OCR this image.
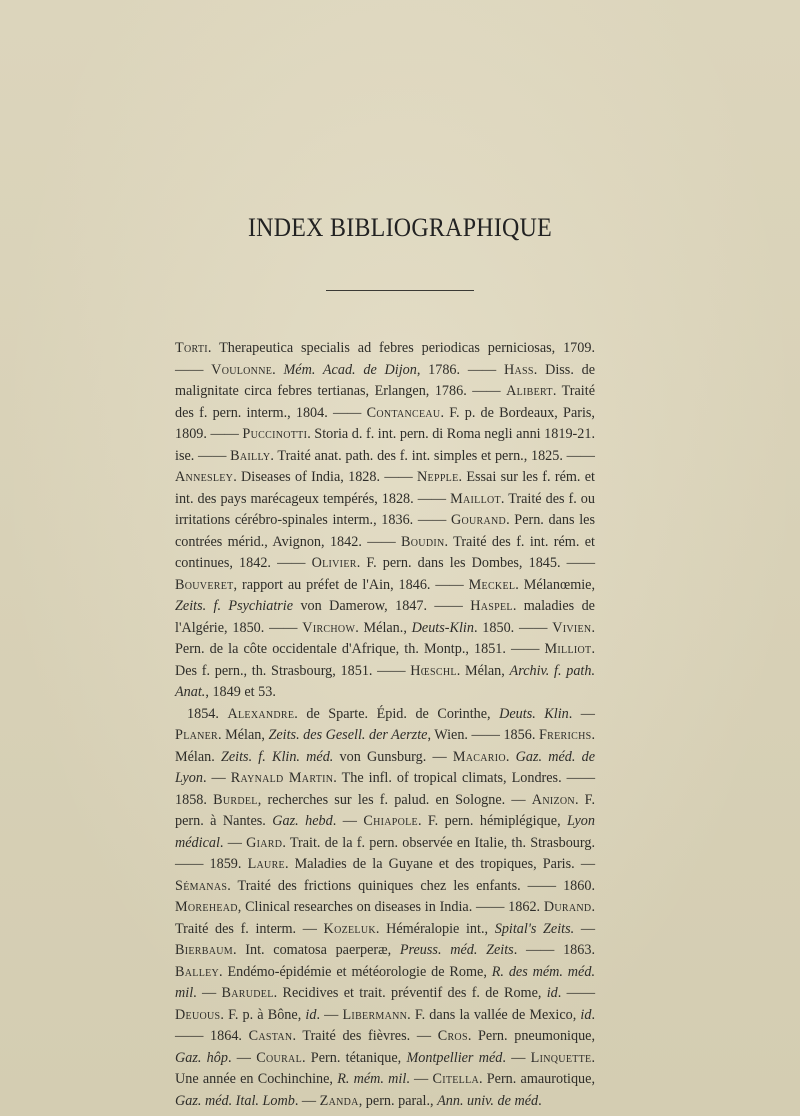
INDEX BIBLIOGRAPHIQUE

Torti. Therapeutica specialis ad febres periodicas perniciosas, 1709. —— Voulonne. Mém. Acad. de Dijon, 1786. —— Hass. Diss. de malignitate circa febres tertianas, Erlangen, 1786. —— Alibert. Traité des f. pern. interm., 1804. —— Contanceau. F. p. de Bordeaux, Paris, 1809. —— Puccinotti. Storia d. f. int. pern. di Roma negli anni 1819-21. ise. —— Bailly. Traité anat. path. des f. int. simples et pern., 1825. —— Annesley. Diseases of India, 1828. —— Nepple. Essai sur les f. rém. et int. des pays marécageux tempérés, 1828. —— Maillot. Traité des f. ou irritations cérébro-spinales interm., 1836. —— Gourand. Pern. dans les contrées mérid., Avignon, 1842. —— Boudin. Traité des f. int. rém. et continues, 1842. —— Olivier. F. pern. dans les Dombes, 1845. —— Bouveret, rapport au préfet de l'Ain, 1846. —— Meckel. Mélanœmie, Zeits. f. Psychiatrie von Damerow, 1847. —— Haspel. maladies de l'Algérie, 1850. —— Virchow. Mélan., Deuts-Klin. 1850. —— Vivien. Pern. de la côte occidentale d'Afrique, th. Montp., 1851. —— Milliot. Des f. pern., th. Strasbourg, 1851. —— Hœschl. Mélan, Archiv. f. path. Anat., 1849 et 53.

1854. Alexandre. de Sparte. Épid. de Corinthe, Deuts. Klin. — Planer. Mélan, Zeits. des Gesell. der Aerzte, Wien. —— 1856. Frerichs. Mélan. Zeits. f. Klin. méd. von Gunsburg. — Macario. Gaz. méd. de Lyon. — Raynald Martin. The infl. of tropical climats, Londres. —— 1858. Burdel, recherches sur les f. palud. en Sologne. — Anizon. F. pern. à Nantes. Gaz. hebd. — Chiapole. F. pern. hémiplégique, Lyon médical. — Giard. Trait. de la f. pern. observée en Italie, th. Strasbourg. —— 1859. Laure. Maladies de la Guyane et des tropiques, Paris. — Sémanas. Traité des frictions quiniques chez les enfants. —— 1860. Morehead, Clinical researches on diseases in India. —— 1862. Durand. Traité des f. interm. — Kozeluk. Héméralopie int., Spital's Zeits. — Bierbaum. Int. comatosa paerperæ, Preuss. méd. Zeits. —— 1863. Balley. Endémo-épidémie et météorologie de Rome, R. des mém. méd. mil. — Barudel. Recidives et trait. préventif des f. de Rome, id. —— Deuous. F. p. à Bône, id. — Libermann. F. dans la vallée de Mexico, id. —— 1864. Castan. Traité des fièvres. — Cros. Pern. pneumonique, Gaz. hôp. — Coural. Pern. tétanique, Montpellier méd. — Linquette. Une année en Cochinchine, R. mém. mil. — Citella. Pern. amaurotique, Gaz. méd. Ital. Lomb. — Zanda, pern. paral., Ann. univ. de méd.
